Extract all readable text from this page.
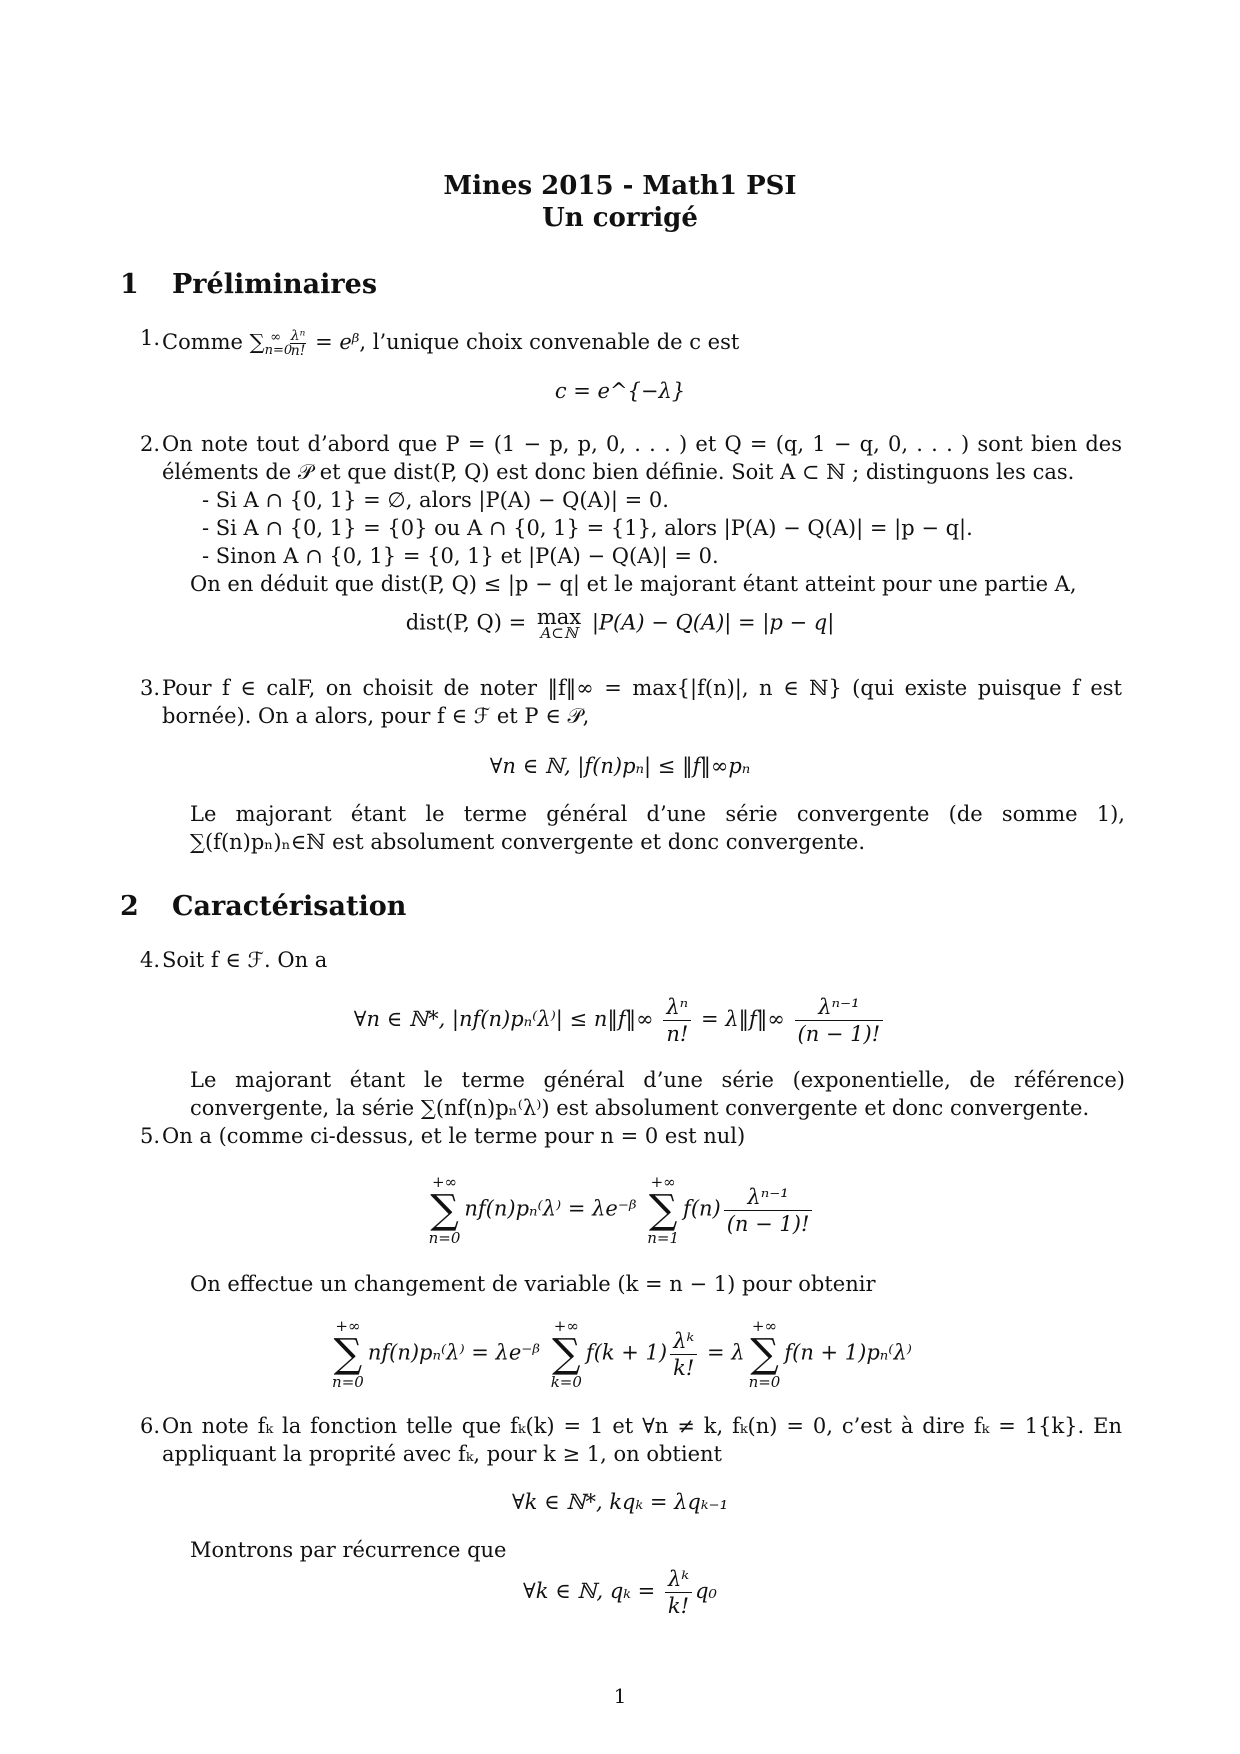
Mines 2015 - Math1 PSI
Un corrigé
1 Préliminaires
1. Comme $\sum_{n=0}^\infty \frac{\text{λⁿ}}{n!}$ = eᵝ, l’unique choix convenable de c est
c = e^{−λ}
2. On note tout d’abord que P = (1 − p, p, 0, . . . ) et Q = (q, 1 − q, 0, . . . ) sont bien des éléments de 𝒫 et que dist(P, Q) est donc bien définie. Soit A ⊂ ℕ ; distinguons les cas.
- Si A ∩ {0, 1} = ∅, alors |P(A) − Q(A)| = 0.
- Si A ∩ {0, 1} = {0} ou A ∩ {0, 1} = {1}, alors |P(A) − Q(A)| = |p − q|.
- Sinon A ∩ {0, 1} = {0, 1} et |P(A) − Q(A)| = 0.
On en déduit que dist(P, Q) ≤ |p − q| et le majorant étant atteint pour une partie A,
dist(P, Q) = max
A⊂ℕ |P(A) − Q(A)| = |p − q|
3. Pour f ∈ calF, on choisit de noter ‖f‖∞ = max{|f(n)|, n ∈ ℕ} (qui existe puisque f est bornée). On a alors, pour f ∈ ℱ et P ∈ 𝒫,
∀n ∈ ℕ, |f(n)pₙ| ≤ ‖f‖∞pₙ
Le majorant étant le terme général d’une série convergente (de somme 1), ∑(f(n)pₙ)ₙ∈ℕ est absolument convergente et donc convergente.
2 Caractérisation
4. Soit f ∈ ℱ. On a
∀n ∈ ℕ*, |nf(n)pₙ⁽λ⁾| ≤ n‖f‖∞ $\frac{\text{λⁿ}}{n!}$ = λ‖f‖∞ $\frac{\text{λⁿ⁻¹}}{(n - 1)!}$
Le majorant étant le terme général d’une série (exponentielle, de référence) convergente, la série ∑(nf(n)pₙ⁽λ⁾) est absolument convergente et donc convergente.
5. On a (comme ci-dessus, et le terme pour n = 0 est nul)
+∞
∑
n=0
nf(n)pₙ⁽λ⁾ = λe⁻ᵝ
+∞
∑
n=1
$f(n) \frac{\text{λⁿ⁻¹}}{(n - 1)!}$
On effectue un changement de variable (k = n − 1) pour obtenir
+∞
∑
n=0
nf(n)pₙ⁽λ⁾ = λe⁻ᵝ
+∞
∑
k=0
$f(k + 1) \frac{\text{λᵏ}}{k!} = \lambda$
+∞
∑
n=0
f(n + 1)pₙ⁽λ⁾
6. On note fₖ la fonction telle que fₖ(k) = 1 et ∀n ≠ k, fₖ(n) = 0, c’est à dire fₖ = 1{k}. En appliquant la proprité avec fₖ, pour k ≥ 1, on obtient
∀k ∈ ℕ*, kqₖ = λqₖ₋₁
Montrons par récurrence que
∀k ∈ ℕ, $q_k = \frac{\text{λᵏ}}{k!} q_0$
1
